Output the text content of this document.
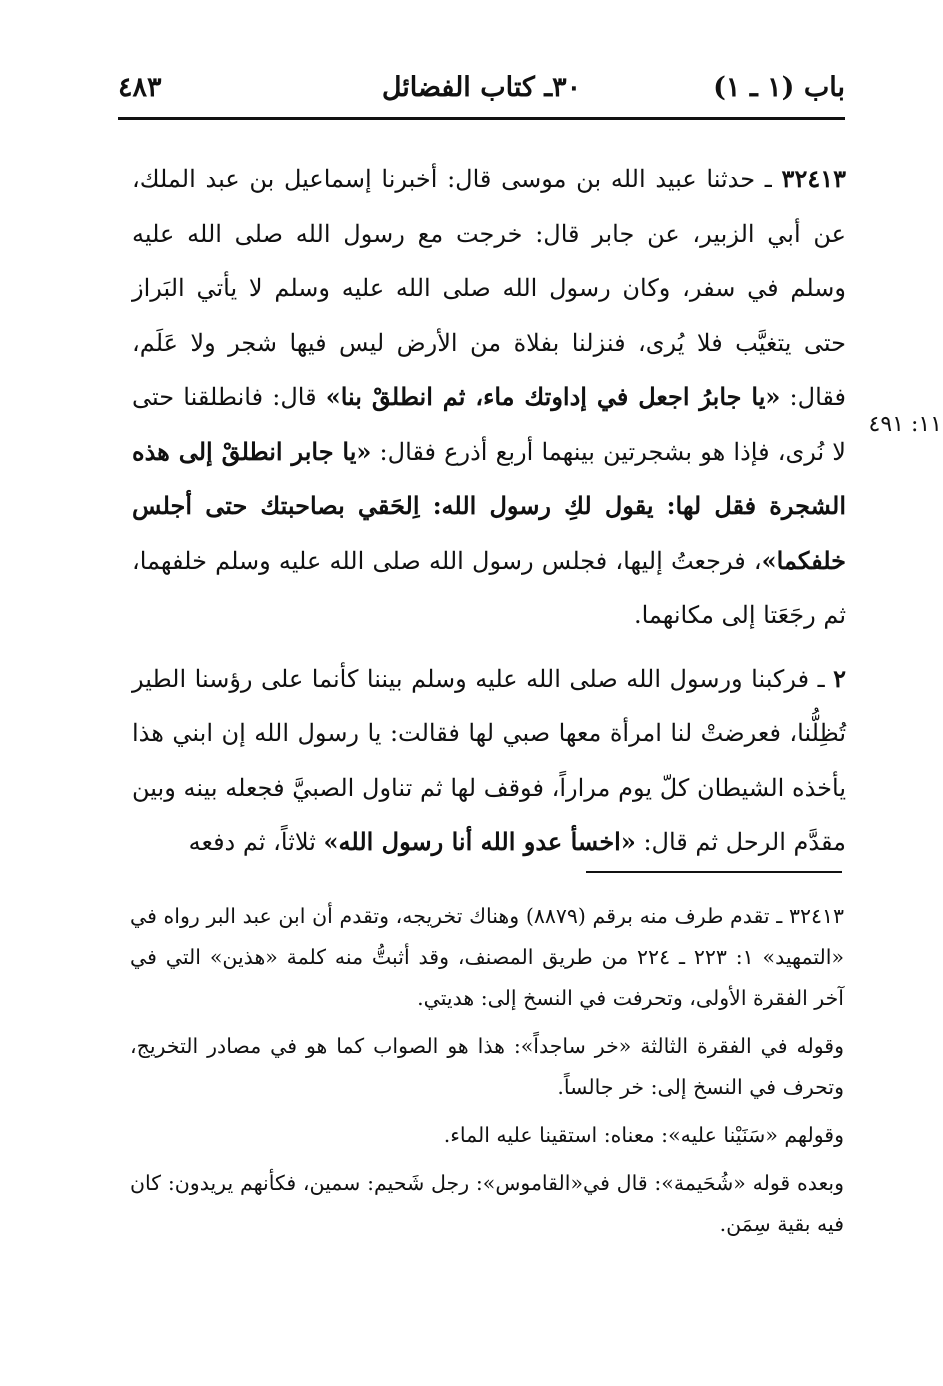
باب (١ ـ ١)
٣٠ـ كتاب الفضائل
٤٨٣

٣٢٤١٣ ـ حدثنا عبيد الله بن موسى قال: أخبرنا إسماعيل بن عبد الملك، عن أبي الزبير، عن جابر قال: خرجت مع رسول الله صلى الله عليه وسلم في سفر، وكان رسول الله صلى الله عليه وسلم لا يأتي البَراز حتى يتغيَّب فلا يُرى، فنزلنا بفلاة من الأرض ليس فيها شجر ولا عَلَم، فقال: «يا جابرُ اجعل في إداوتك ماء، ثم انطلقْ بنا» قال: فانطلقنا حتى لا نُرى، فإذا هو بشجرتين بينهما أربع أذرع فقال: «يا جابر انطلقْ إلى هذه الشجرة فقل لها: يقول لكِ رسول الله: اِلحَقي بصاحبتك حتى أجلس خلفكما»، فرجعتُ إليها، فجلس رسول الله صلى الله عليه وسلم خلفهما، ثم رجَعَتا إلى مكانهما.

٢ ـ فركبنا ورسول الله صلى الله عليه وسلم بيننا كأنما على رؤسنا الطير تُظِلُّنا، فعرضتْ لنا امرأة معها صبي لها فقالت: يا رسول الله إن ابني هذا يأخذه الشيطان كلّ يوم مراراً، فوقف لها ثم تناول الصبيَّ فجعله بينه وبين مقدَّم الرحل ثم قال: «اخسأ عدو الله أنا رسول الله» ثلاثاً، ثم دفعه

١١: ٤٩١

٣٢٤١٣ ـ تقدم طرف منه برقم (٨٨٧٩) وهناك تخريجه، وتقدم أن ابن عبد البر رواه في «التمهيد» ١: ٢٢٣ ـ ٢٢٤ من طريق المصنف، وقد أثبتُّ منه كلمة «هذين» التي في آخر الفقرة الأولى، وتحرفت في النسخ إلى: هديتي.

وقوله في الفقرة الثالثة «خر ساجداً»: هذا هو الصواب كما هو في مصادر التخريج، وتحرف في النسخ إلى: خر جالساً.

وقولهم «سَنَيْنا عليه»: معناه: استقينا عليه الماء.

وبعده قوله «شُحَيمة»: قال في«القاموس»: رجل شَحيم: سمين، فكأنهم يريدون: كان فيه بقية سِمَن.
